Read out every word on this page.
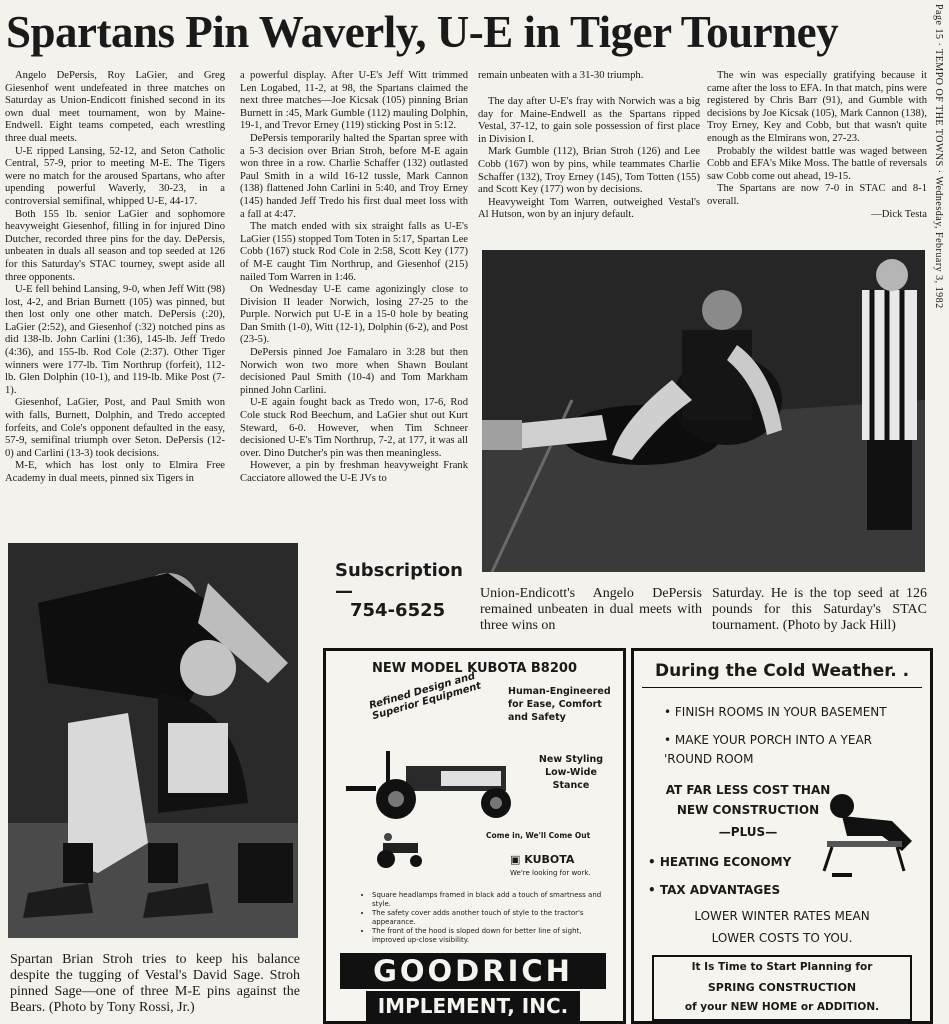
Spartans Pin Waverly, U-E in Tiger Tourney	Page 15 · TEMPO OF THE TOWNS · Wednesday, February 3, 1982

Angelo DePersis, Roy LaGier, and Greg Giesenhof went undefeated in three matches on Saturday as Union-Endicott finished second in its own dual meet tournament, won by Maine-Endwell. Eight teams competed, each wrestling three dual meets.

U-E ripped Lansing, 52-12, and Seton Catholic Central, 57-9, prior to meeting M-E. The Tigers were no match for the aroused Spartans, who after upending powerful Waverly, 30-23, in a controversial semifinal, whipped U-E, 44-17.

Both 155 lb. senior LaGier and sophomore heavyweight Giesenhof, filling in for injured Dino Dutcher, recorded three pins for the day. DePersis, unbeaten in duals all season and top seeded at 126 for this Saturday's STAC tourney, swept aside all three opponents.

U-E fell behind Lansing, 9-0, when Jeff Witt (98) lost, 4-2, and Brian Burnett (105) was pinned, but then lost only one other match. DePersis (:20), LaGier (2:52), and Giesenhof (:32) notched pins as did 138-lb. John Carlini (1:36), 145-lb. Jeff Tredo (4:36), and 155-lb. Rod Cole (2:37). Other Tiger winners were 177-lb. Tim Northrup (forfeit), 112-lb. Glen Dolphin (10-1), and 119-lb. Mike Post (7-1).

Giesenhof, LaGier, Post, and Paul Smith won with falls, Burnett, Dolphin, and Tredo accepted forfeits, and Cole's opponent defaulted in the easy, 57-9, semifinal triumph over Seton. DePersis (12-0) and Carlini (13-3) took decisions.

M-E, which has lost only to Elmira Free Academy in dual meets, pinned six Tigers in

a powerful display. After U-E's Jeff Witt trimmed Len Logabed, 11-2, at 98, the Spartans claimed the next three matches—Joe Kicsak (105) pinning Brian Burnett in :45, Mark Gumble (112) mauling Dolphin, 19-1, and Trevor Erney (119) sticking Post in 5:12.

DePersis temporarily halted the Spartan spree with a 5-3 decision over Brian Stroh, before M-E again won three in a row. Charlie Schaffer (132) outlasted Paul Smith in a wild 16-12 tussle, Mark Cannon (138) flattened John Carlini in 5:40, and Troy Erney (145) handed Jeff Tredo his first dual meet loss with a fall at 4:47.

The match ended with six straight falls as U-E's LaGier (155) stopped Tom Toten in 5:17, Spartan Lee Cobb (167) stuck Rod Cole in 2:58, Scott Key (177) of M-E caught Tim Northrup, and Giesenhof (215) nailed Tom Warren in 1:46.

On Wednesday U-E came agonizingly close to Division II leader Norwich, losing 27-25 to the Purple. Norwich put U-E in a 15-0 hole by beating Dan Smith (1-0), Witt (12-1), Dolphin (6-2), and Post (23-5).

DePersis pinned Joe Famalaro in 3:28 but then Norwich won two more when Shawn Boulant decisioned Paul Smith (10-4) and Tom Markham pinned John Carlini.

U-E again fought back as Tredo won, 17-6, Rod Cole stuck Rod Beechum, and LaGier shut out Kurt Steward, 6-0. However, when Tim Schneer decisioned U-E's Tim Northrup, 7-2, at 177, it was all over. Dino Dutcher's pin was then meaningless.

However, a pin by freshman heavyweight Frank Cacciatore allowed the U-E JVs to

remain unbeaten with a 31-30 triumph.

The day after U-E's fray with Norwich was a big day for Maine-Endwell as the Spartans ripped Vestal, 37-12, to gain sole possession of first place in Division I.

Mark Gumble (112), Brian Stroh (126) and Lee Cobb (167) won by pins, while teammates Charlie Schaffer (132), Troy Erney (145), Tom Totten (155) and Scott Key (177) won by decisions.

Heavyweight Tom Warren, outweighed Vestal's Al Hutson, won by an injury default.

The win was especially gratifying because it came after the loss to EFA. In that match, pins were registered by Chris Barr (91), and Gumble with decisions by Joe Kicsak (105), Mark Cannon (138), Troy Erney, Key and Cobb, but that wasn't quite enough as the Elmirans won, 27-23.

Probably the wildest battle was waged between Cobb and EFA's Mike Moss. The battle of reversals saw Cobb come out ahead, 19-15.

The Spartans are now 7-0 in STAC and 8-1 overall.

—Dick Testa

Spartan Brian Stroh tries to keep his balance despite the tugging of Vestal's David Sage. Stroh pinned Sage—one of three M-E pins against the Bears. (Photo by Tony Rossi, Jr.)
Union-Endicott's Angelo DePersis remained unbeaten in dual meets with three wins on
Saturday. He is the top seed at 126 pounds for this Saturday's STAC tournament. (Photo by Jack Hill)
Subscription—
754-6525
NEW MODEL KUBOTA B8200
Refined Design and Superior Equipment	Human-Engineered for Ease, Comfort and Safety
New Styling Low-Wide Stance
Come in, We'll Come Out
▣ KUBOTA
We're looking for work.
• Square headlamps framed in black add a touch of smartness and style.
• The safety cover adds another touch of style to the tractor's appearance.
• The front of the hood is sloped down for better line of sight, improved up-close visibility.
GOODRICH
IMPLEMENT, INC.
During the Cold Weather. .
• FINISH ROOMS IN YOUR BASEMENT
• MAKE YOUR PORCH INTO A YEAR 'ROUND ROOM
AT FAR LESS COST THAN
NEW CONSTRUCTION
—PLUS—
• HEATING ECONOMY
• TAX ADVANTAGES
LOWER WINTER RATES MEAN
LOWER COSTS TO YOU.
It Is Time to Start Planning for
SPRING CONSTRUCTION
of your NEW HOME or ADDITION.
